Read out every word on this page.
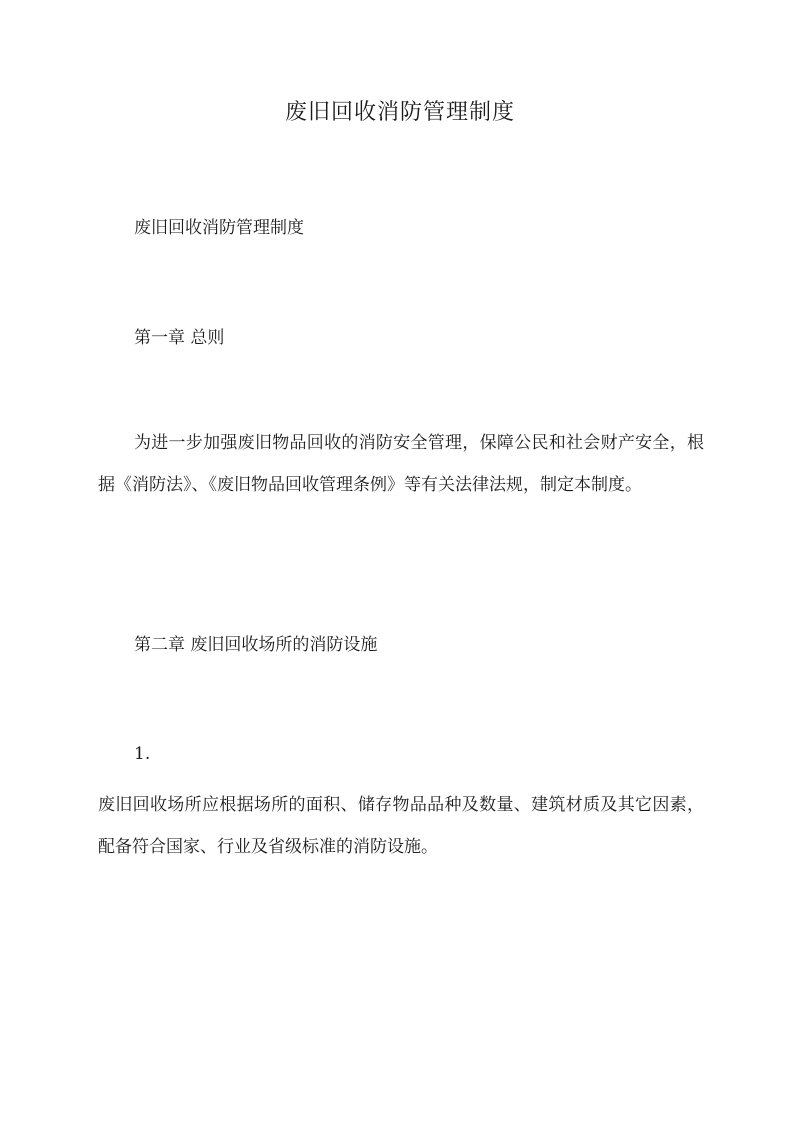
废旧回收消防管理制度

废旧回收消防管理制度

第一章 总则

为进一步加强废旧物品回收的消防安全管理，保障公民和社会财产安全，根据《消防法》、《废旧物品回收管理条例》等有关法律法规，制定本制度。

第二章 废旧回收场所的消防设施

1.

废旧回收场所应根据场所的面积、储存物品品种及数量、建筑材质及其它因素，配备符合国家、行业及省级标准的消防设施。
